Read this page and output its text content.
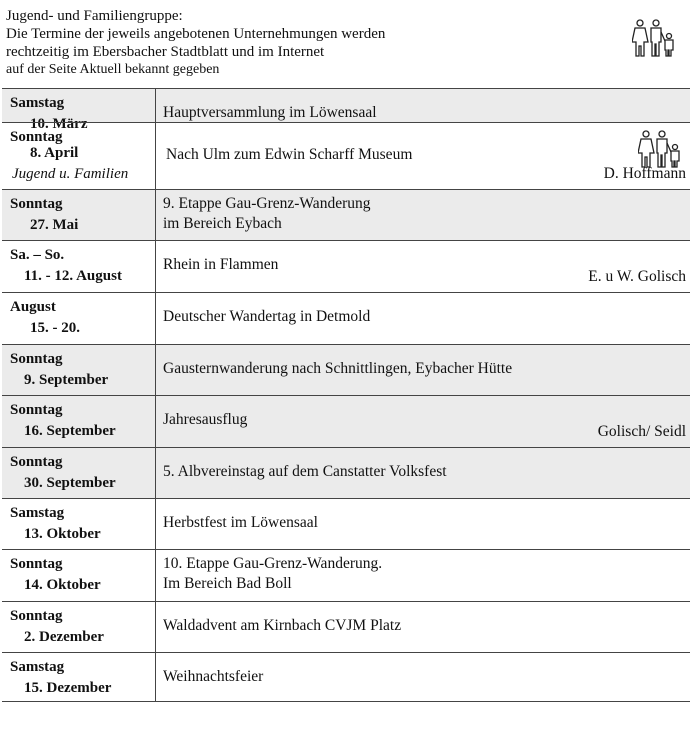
Jugend- und Familiengruppe:
Die Termine der jeweils angebotenen Unternehmungen werden
rechtzeitig im Ebersbacher Stadtblatt und im Internet
auf der Seite Aktuell bekannt gegeben
Samstag
10. März
Hauptversammlung im Löwensaal
Sonntag
8. April
Jugend u. Familien
Nach Ulm zum Edwin Scharff Museum
D. Hoffmann
Sonntag
27. Mai
9. Etappe Gau-Grenz-Wanderung
im Bereich Eybach
Sa. – So.
11. - 12. August
Rhein in Flammen
E. u W. Golisch
August
15. - 20.
Deutscher Wandertag in Detmold
Sonntag
9. September
Gausternwanderung nach Schnittlingen, Eybacher Hütte
Sonntag
16. September
Jahresausflug
Golisch/ Seidl
Sonntag
30. September
5. Albvereinstag auf dem Canstatter Volksfest
Samstag
13. Oktober
Herbstfest im Löwensaal
Sonntag
14. Oktober
10. Etappe Gau-Grenz-Wanderung.
Im Bereich Bad Boll
Sonntag
2. Dezember
Waldadvent am Kirnbach CVJM Platz
Samstag
15. Dezember
Weihnachtsfeier
